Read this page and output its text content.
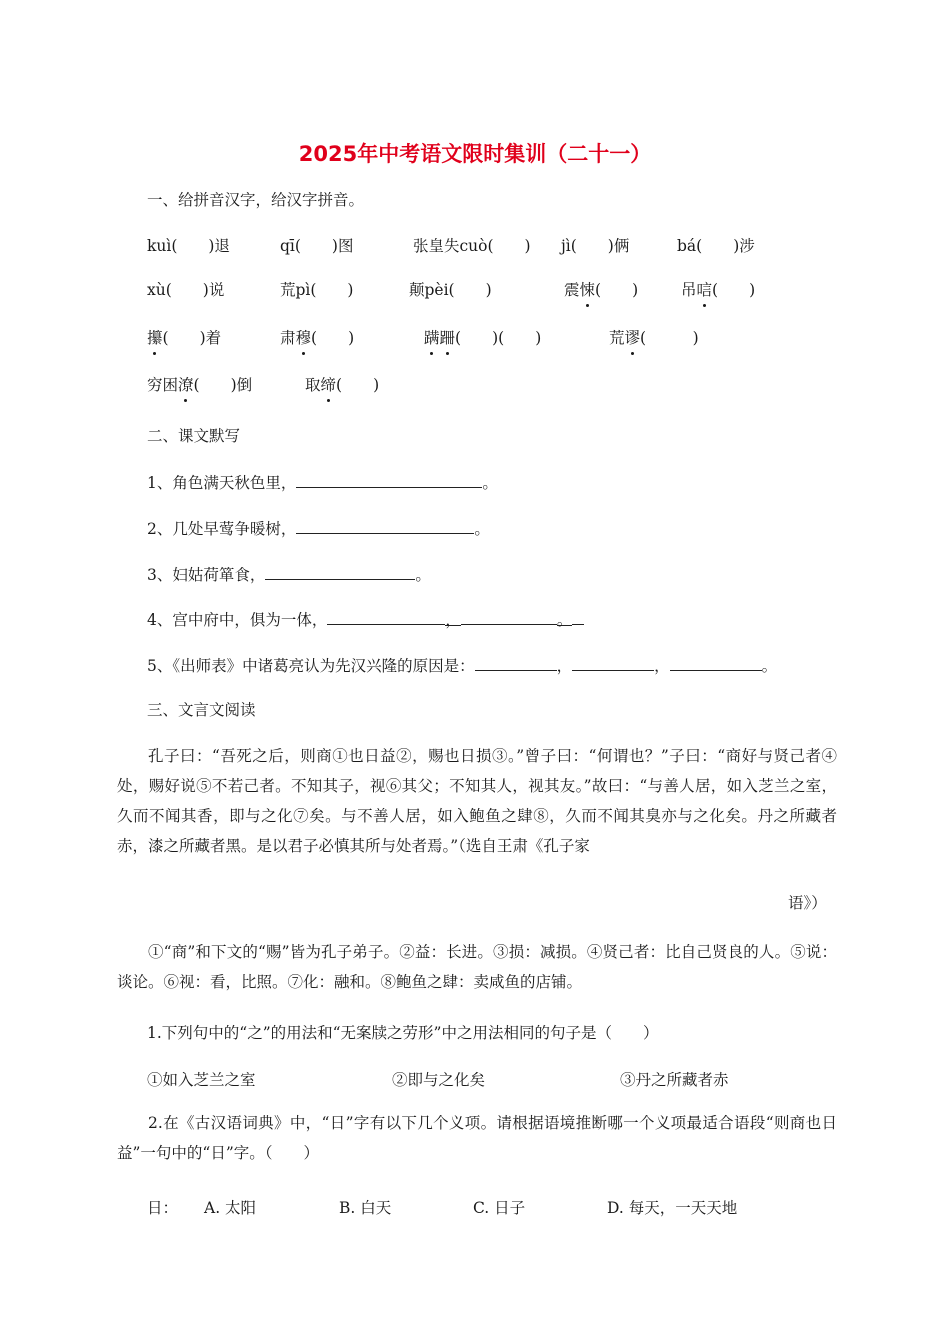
2025年中考语文限时集训（二十一）
一、给拼音汉字，给汉字拼音。
kuì(　　)退	qī(　　)图	张皇失cuò(　　) jì(　　)俩	bá(　　)涉
xù(　　)说	荒pì(　　)	颠pèi(　　)	震悚(　　)	吊唁(　　)
攥(　　)着	肃穆(　　)	蹒跚(　　)(　　)	荒谬(　　　)
穷困潦(　　)倒	取缔(　　)
二、课文默写
1、角色满天秋色里，	。
2、几处早莺争暖树，	。
3、妇姑荷箪食，	。
4、宫中府中，俱为一体，	，	。
5、《出师表》中诸葛亮认为先汉兴隆的原因是：	，	，	。
三、文言文阅读
孔子曰：“吾死之后，则商①也日益②，赐也日损③。”曾子曰：“何谓也？”子曰：“商好与贤己者④处，赐好说⑤不若己者。不知其子，视⑥其父；不知其人，视其友。”故曰：“与善人居，如入芝兰之室，久而不闻其香，即与之化⑦矣。与不善人居，如入鲍鱼之肆⑧，久而不闻其臭亦与之化矣。丹之所藏者赤，漆之所藏者黑。是以君子必慎其所与处者焉。”（选自王肃《孔子家
语》）
①“商”和下文的“赐”皆为孔子弟子。②益：长进。③损：减损。④贤己者：比自己贤良的人。⑤说：谈论。⑥视：看，比照。⑦化：融和。⑧鲍鱼之肆：卖咸鱼的店铺。
1.下列句中的“之”的用法和“无案牍之劳形”中之用法相同的句子是（　　）
①如入芝兰之室	②即与之化矣	③丹之所藏者赤
2.在《古汉语词典》中，“日”字有以下几个义项。请根据语境推断哪一个义项最适合语段“则商也日益”一句中的“日”字。（　　）
日： A. 太阳	B. 白天	C. 日子	D. 每天，一天天地
